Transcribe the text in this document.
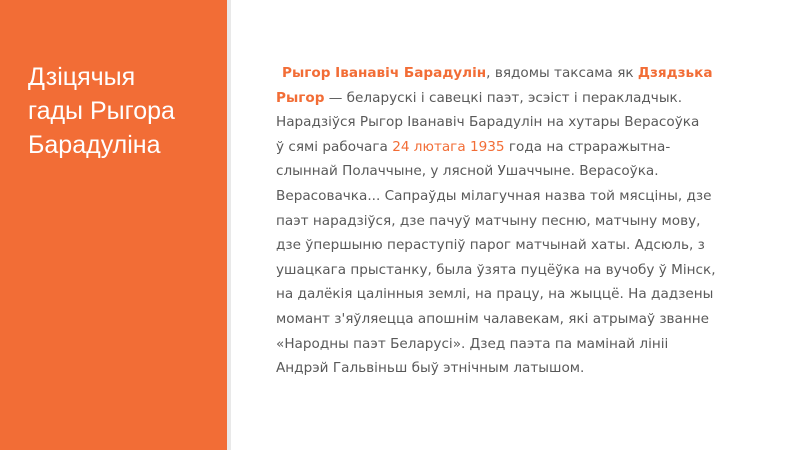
Дзіцячыя
гады Рыгора
Барадуліна

Рыгор Іванавіч Барадулін, вядомы таксама як Дзядзька
Рыгор — беларускі і савецкі паэт, эсэіст і перакладчык.
Нарадзіўся Рыгор Іванавіч Барадулін на хутары Верасоўка
ў сямі рабочага 24 лютага 1935 года на страражытна-
слыннай Полаччыне, у лясной Ушаччыне. Верасоўка.
Верасовачка... Сапраўды мілагучная назва той мясціны, дзе
паэт нарадзіўся, дзе пачуў матчыну песню, матчыну мову,
дзе ўпершыню пераступіў парог матчынай хаты. Адсюль, з
ушацкага прыстанку, была ўзята пуцёўка на вучобу ў Мінск,
на далёкія цалінныя землі, на працу, на жыццё. На дадзены
момант з'яўляецца апошнім чалавекам, які атрымаў званне
«Народны паэт Беларусі». Дзед паэта па мамінай лініі
Андрэй Гальвіньш быў этнічным латышом.
